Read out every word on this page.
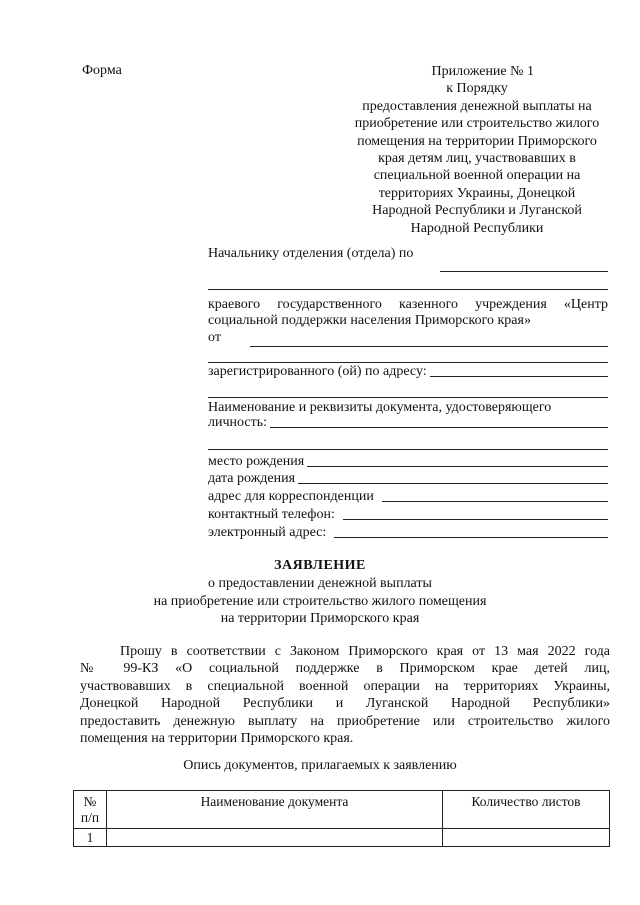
Форма	Приложение № 1
к Порядку
предоставления денежной выплаты на
приобретение или строительство жилого
помещения на территории Приморского
края детям лиц, участвовавших в
специальной военной операции на
территориях Украины, Донецкой
Народной Республики и Луганской
Народной Республики
Начальнику отделения (отдела) по
краевого государственного казенного учреждения «Центр
социальной поддержки населения Приморского края»
от
зарегистрированного (ой) по адресу:
Наименование и реквизиты документа, удостоверяющего
личность:
место рождения
дата рождения
адрес для корреспонденции
контактный телефон:
электронный адрес:
ЗАЯВЛЕНИЕ
о предоставлении денежной выплаты
на приобретение или строительство жилого помещения
на территории Приморского края
Прошу в соответствии с Законом Приморского края от 13 мая 2022 года
№ 99-КЗ «О социальной поддержке в Приморском крае детей лиц,
участвовавших в специальной военной операции на территориях Украины,
Донецкой Народной Республики и Луганской Народной Республики»
предоставить денежную выплату на приобретение или строительство жилого
помещения на территории Приморского края.
Опись документов, прилагаемых к заявлению
№
п/п	Наименование документа	Количество листов
1		
